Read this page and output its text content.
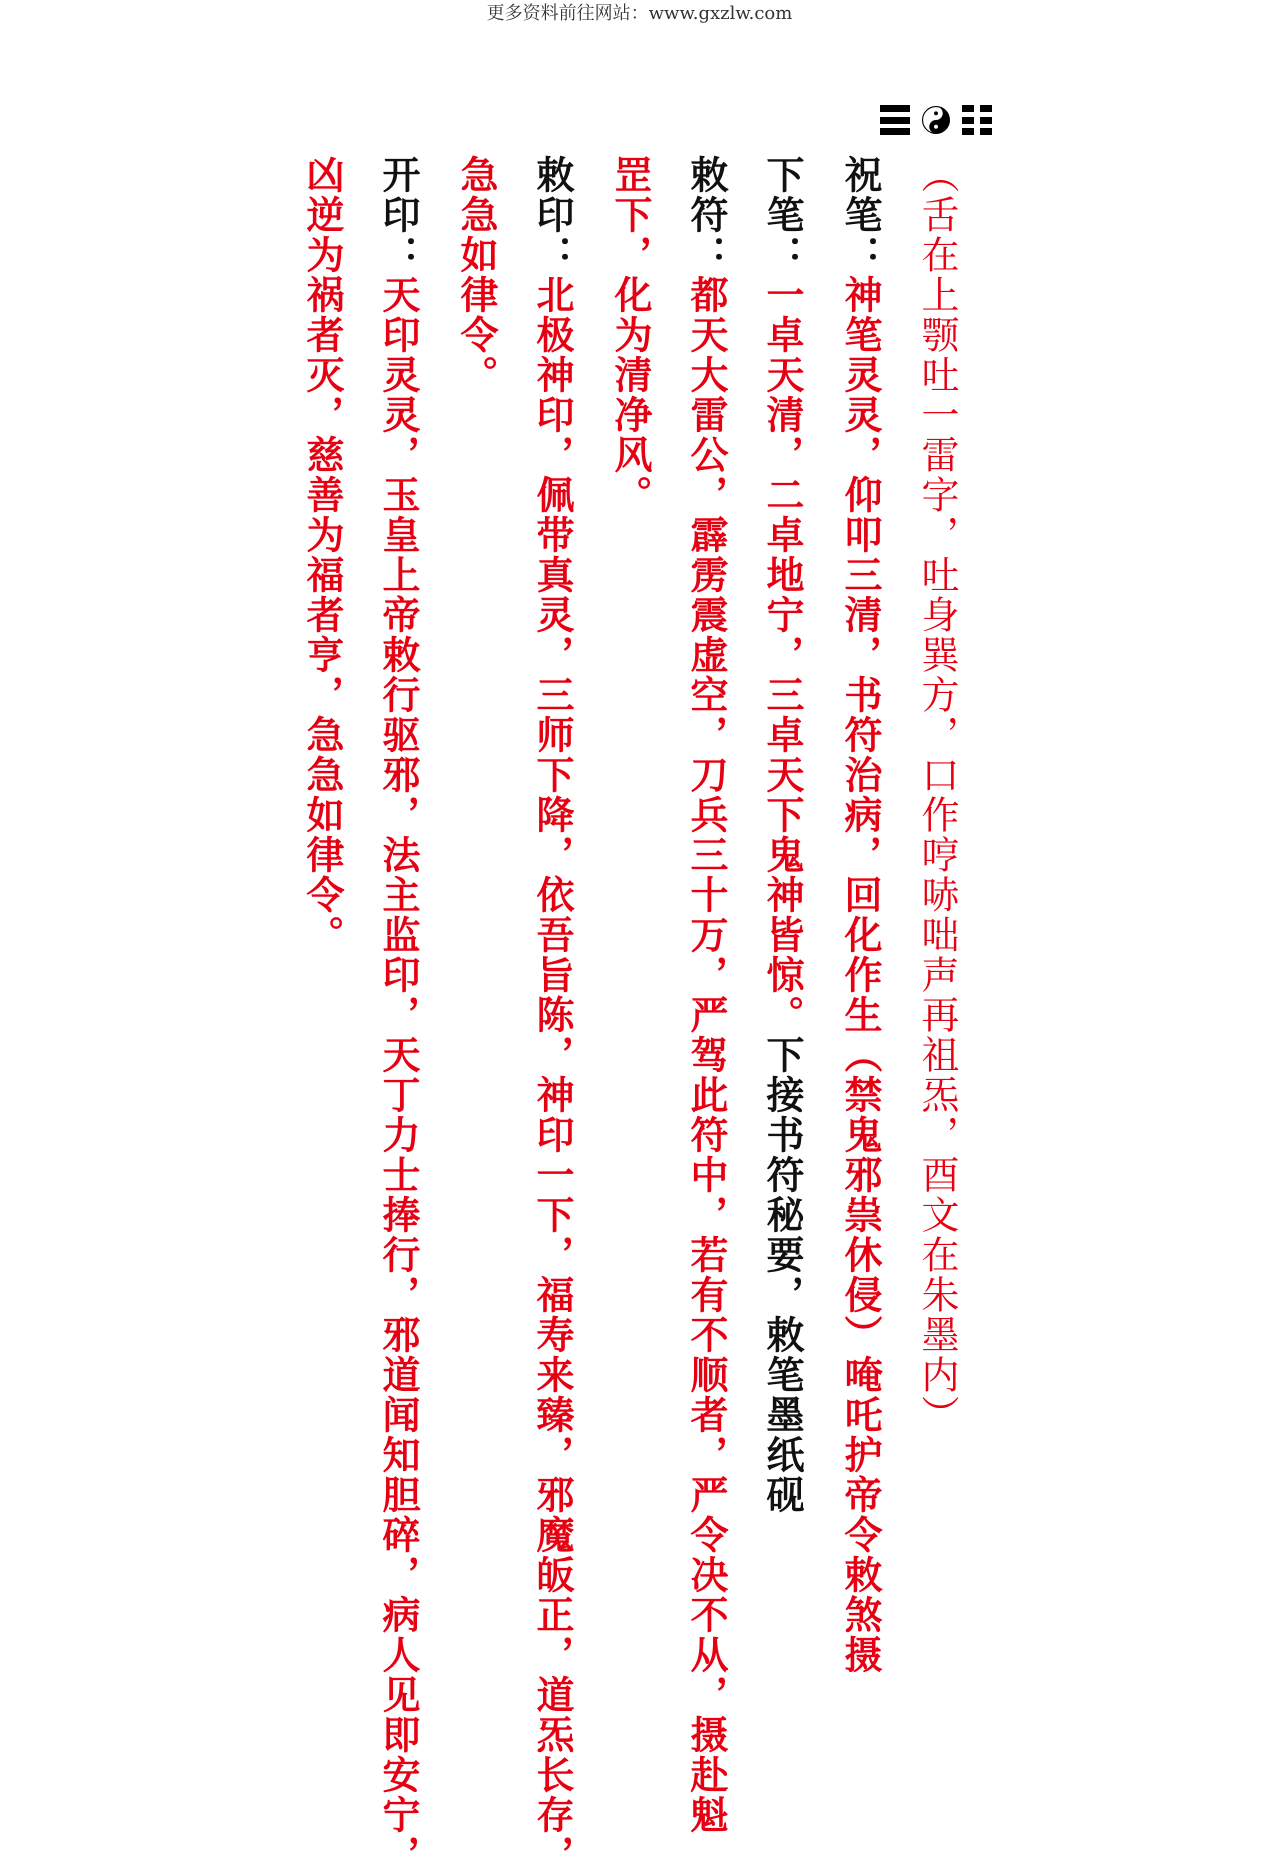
更多资料前往网站：www.gxzlw.com
（舌在上颚吐一雷字，吐身巽方，口作哼哧咄声再祖炁，酉文在朱墨内）
祝笔：神笔灵灵，仰叩三清，书符治病，回化作生（禁鬼邪祟休侵）唵吒护帝令敕煞摄
下笔：一卓天清，二卓地宁，三卓天下鬼神皆惊。下接书符秘要，敕笔墨纸砚
敕符：都天大雷公，霹雳震虚空，刀兵三十万，严驾此符中，若有不顺者，严令决不从，摄赴魁
罡下，化为清净风。
敕印：北极神印，佩带真灵，三师下降，依吾旨陈，神印一下，福寿来臻，邪魔皈正，道炁长存，
急急如律令。
开印：天印灵灵，玉皇上帝敕行驱邪，法主监印，天丁力士捧行，邪道闻知胆碎，病人见即安宁，
凶逆为祸者灭，慈善为福者亨，急急如律令。
